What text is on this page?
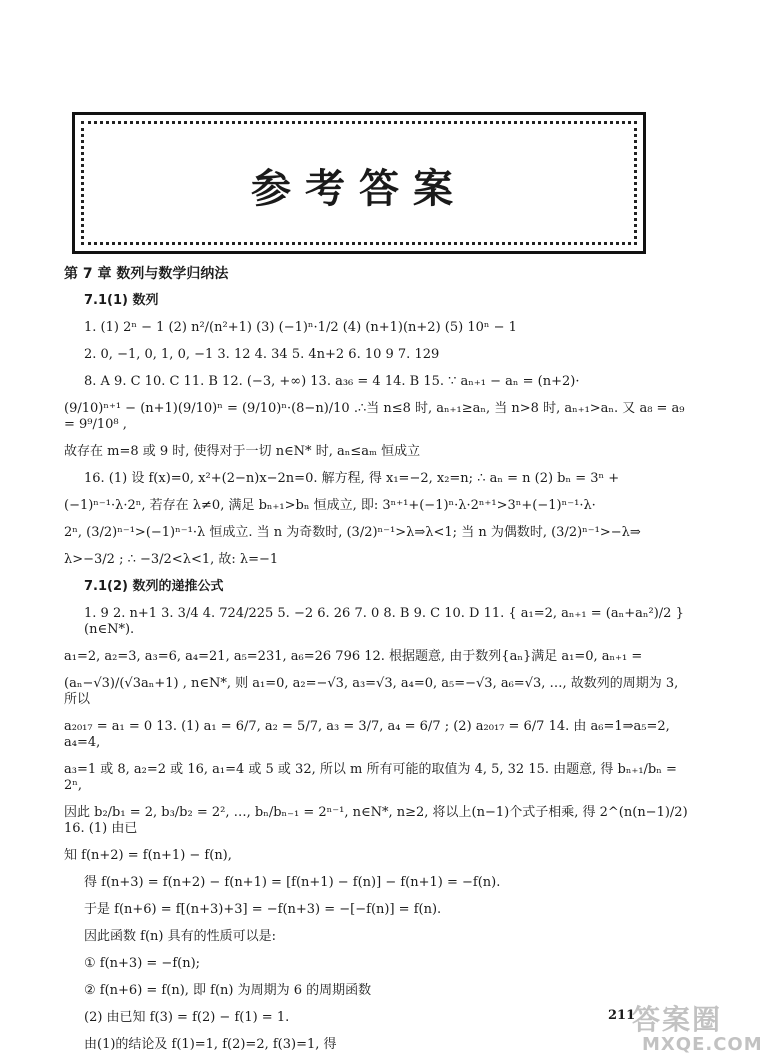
参考答案
第 7 章 数列与数学归纳法
7.1(1) 数列
1. (1) 2ⁿ − 1 (2) n²/(n²+1) (3) (−1)ⁿ·1/2 (4) (n+1)(n+2) (5) 10ⁿ − 1
2. 0, −1, 0, 1, 0, −1 3. 12 4. 34 5. 4n+2 6. 10 9 7. 129
8. A 9. C 10. C 11. B 12. (−3, +∞) 13. a₃₆ = 4 14. B 15. ∵ aₙ₊₁ − aₙ = (n+2)·
(9/10)ⁿ⁺¹ − (n+1)(9/10)ⁿ = (9/10)ⁿ·(8−n)/10 .∴当 n≤8 时, aₙ₊₁≥aₙ, 当 n>8 时, aₙ₊₁>aₙ. 又 a₈ = a₉ = 9⁹/10⁸ ,
故存在 m=8 或 9 时, 使得对于一切 n∈N* 时, aₙ≤aₘ 恒成立
16. (1) 设 f(x)=0, x²+(2−n)x−2n=0. 解方程, 得 x₁=−2, x₂=n; ∴ aₙ = n (2) bₙ = 3ⁿ +
(−1)ⁿ⁻¹·λ·2ⁿ, 若存在 λ≠0, 满足 bₙ₊₁>bₙ 恒成立, 即: 3ⁿ⁺¹+(−1)ⁿ·λ·2ⁿ⁺¹>3ⁿ+(−1)ⁿ⁻¹·λ·
2ⁿ, (3/2)ⁿ⁻¹>(−1)ⁿ⁻¹·λ 恒成立. 当 n 为奇数时, (3/2)ⁿ⁻¹>λ⇒λ<1; 当 n 为偶数时, (3/2)ⁿ⁻¹>−λ⇒
λ>−3/2 ; ∴ −3/2<λ<1, 故: λ=−1
7.1(2) 数列的递推公式
1. 9 2. n+1 3. 3/4 4. 724/225 5. −2 6. 26 7. 0 8. B 9. C 10. D 11. { a₁=2, aₙ₊₁ = (aₙ+aₙ²)/2 } (n∈N*).
a₁=2, a₂=3, a₃=6, a₄=21, a₅=231, a₆=26 796 12. 根据题意, 由于数列{aₙ}满足 a₁=0, aₙ₊₁ =
(aₙ−√3)/(√3aₙ+1) , n∈N*, 则 a₁=0, a₂=−√3, a₃=√3, a₄=0, a₅=−√3, a₆=√3, …, 故数列的周期为 3, 所以
a₂₀₁₇ = a₁ = 0 13. (1) a₁ = 6/7, a₂ = 5/7, a₃ = 3/7, a₄ = 6/7 ; (2) a₂₀₁₇ = 6/7 14. 由 a₆=1⇒a₅=2, a₄=4,
a₃=1 或 8, a₂=2 或 16, a₁=4 或 5 或 32, 所以 m 所有可能的取值为 4, 5, 32 15. 由题意, 得 bₙ₊₁/bₙ = 2ⁿ,
因此 b₂/b₁ = 2, b₃/b₂ = 2², …, bₙ/bₙ₋₁ = 2ⁿ⁻¹, n∈N*, n≥2, 将以上(n−1)个式子相乘, 得 2^(n(n−1)/2) 16. (1) 由已
知 f(n+2) = f(n+1) − f(n),
得 f(n+3) = f(n+2) − f(n+1) = [f(n+1) − f(n)] − f(n+1) = −f(n).
于是 f(n+6) = f[(n+3)+3] = −f(n+3) = −[−f(n)] = f(n).
因此函数 f(n) 具有的性质可以是:
① f(n+3) = −f(n);
② f(n+6) = f(n), 即 f(n) 为周期为 6 的周期函数
(2) 由已知 f(3) = f(2) − f(1) = 1.
由(1)的结论及 f(1)=1, f(2)=2, f(3)=1, 得
211
答案圈
MXQE.COM
